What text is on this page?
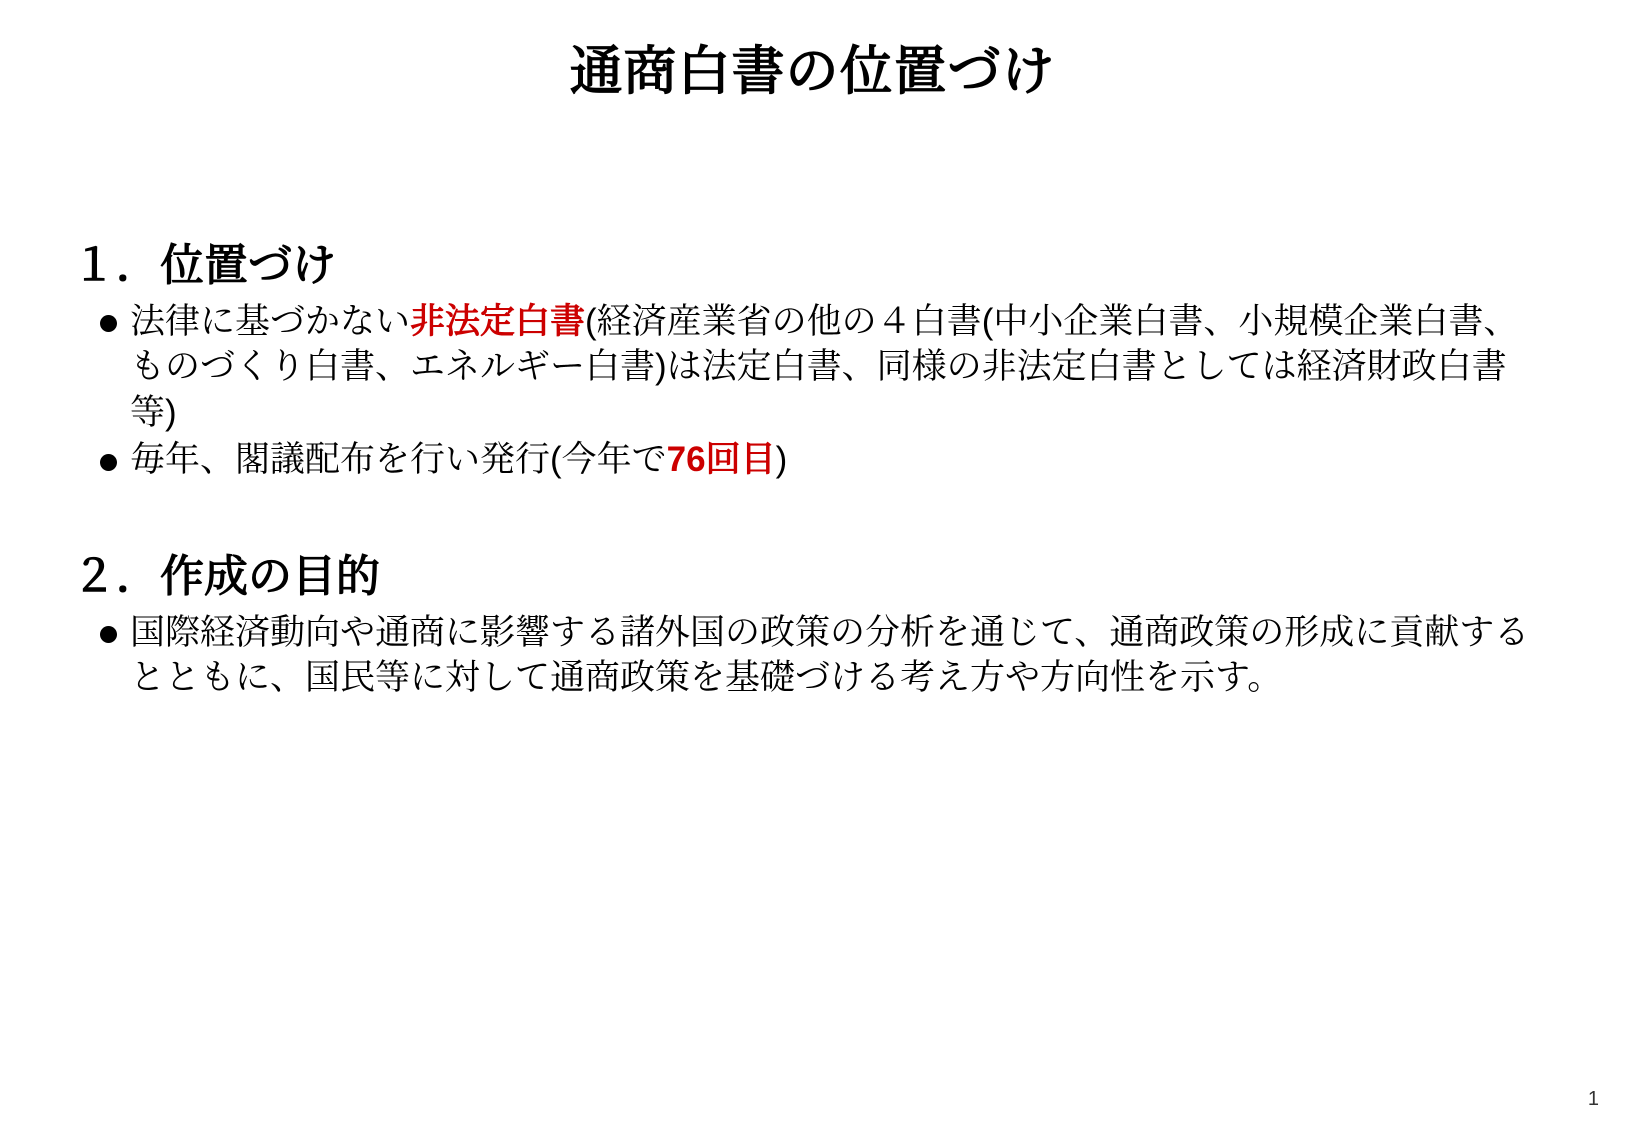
通商白書の位置づけ
１．位置づけ
法律に基づかない非法定白書(経済産業省の他の４白書(中小企業白書、小規模企業白書、ものづくり白書、エネルギー白書)は法定白書、同様の非法定白書としては経済財政白書等)
毎年、閣議配布を行い発行(今年で76回目)
２．作成の目的
国際経済動向や通商に影響する諸外国の政策の分析を通じて、通商政策の形成に貢献するとともに、国民等に対して通商政策を基礎づける考え方や方向性を示す。
1
